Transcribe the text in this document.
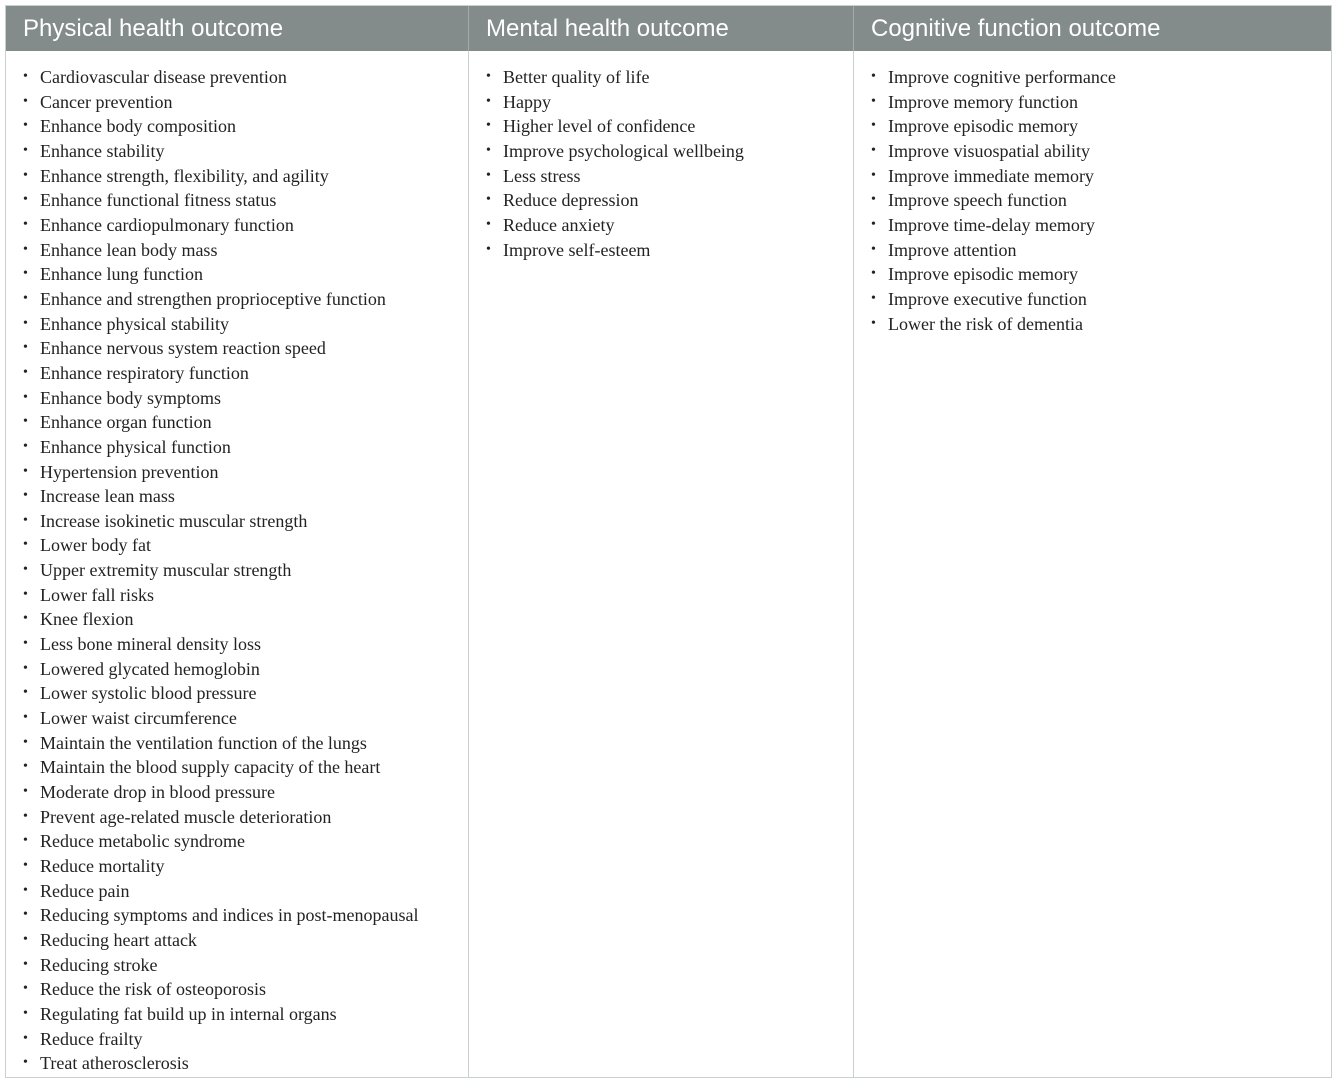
Physical health outcome	Mental health outcome	Cognitive function outcome
• Cardiovascular disease prevention
• Cancer prevention
• Enhance body composition
• Enhance stability
• Enhance strength, flexibility, and agility
• Enhance functional fitness status
• Enhance cardiopulmonary function
• Enhance lean body mass
• Enhance lung function
• Enhance and strengthen proprioceptive function
• Enhance physical stability
• Enhance nervous system reaction speed
• Enhance respiratory function
• Enhance body symptoms
• Enhance organ function
• Enhance physical function
• Hypertension prevention
• Increase lean mass
• Increase isokinetic muscular strength
• Lower body fat
• Upper extremity muscular strength
• Lower fall risks
• Knee flexion
• Less bone mineral density loss
• Lowered glycated hemoglobin
• Lower systolic blood pressure
• Lower waist circumference
• Maintain the ventilation function of the lungs
• Maintain the blood supply capacity of the heart
• Moderate drop in blood pressure
• Prevent age-related muscle deterioration
• Reduce metabolic syndrome
• Reduce mortality
• Reduce pain
• Reducing symptoms and indices in post-menopausal
• Reducing heart attack
• Reducing stroke
• Reduce the risk of osteoporosis
• Regulating fat build up in internal organs
• Reduce frailty
• Treat atherosclerosis
• Better quality of life
• Happy
• Higher level of confidence
• Improve psychological wellbeing
• Less stress
• Reduce depression
• Reduce anxiety
• Improve self-esteem
• Improve cognitive performance
• Improve memory function
• Improve episodic memory
• Improve visuospatial ability
• Improve immediate memory
• Improve speech function
• Improve time-delay memory
• Improve attention
• Improve episodic memory
• Improve executive function
• Lower the risk of dementia
